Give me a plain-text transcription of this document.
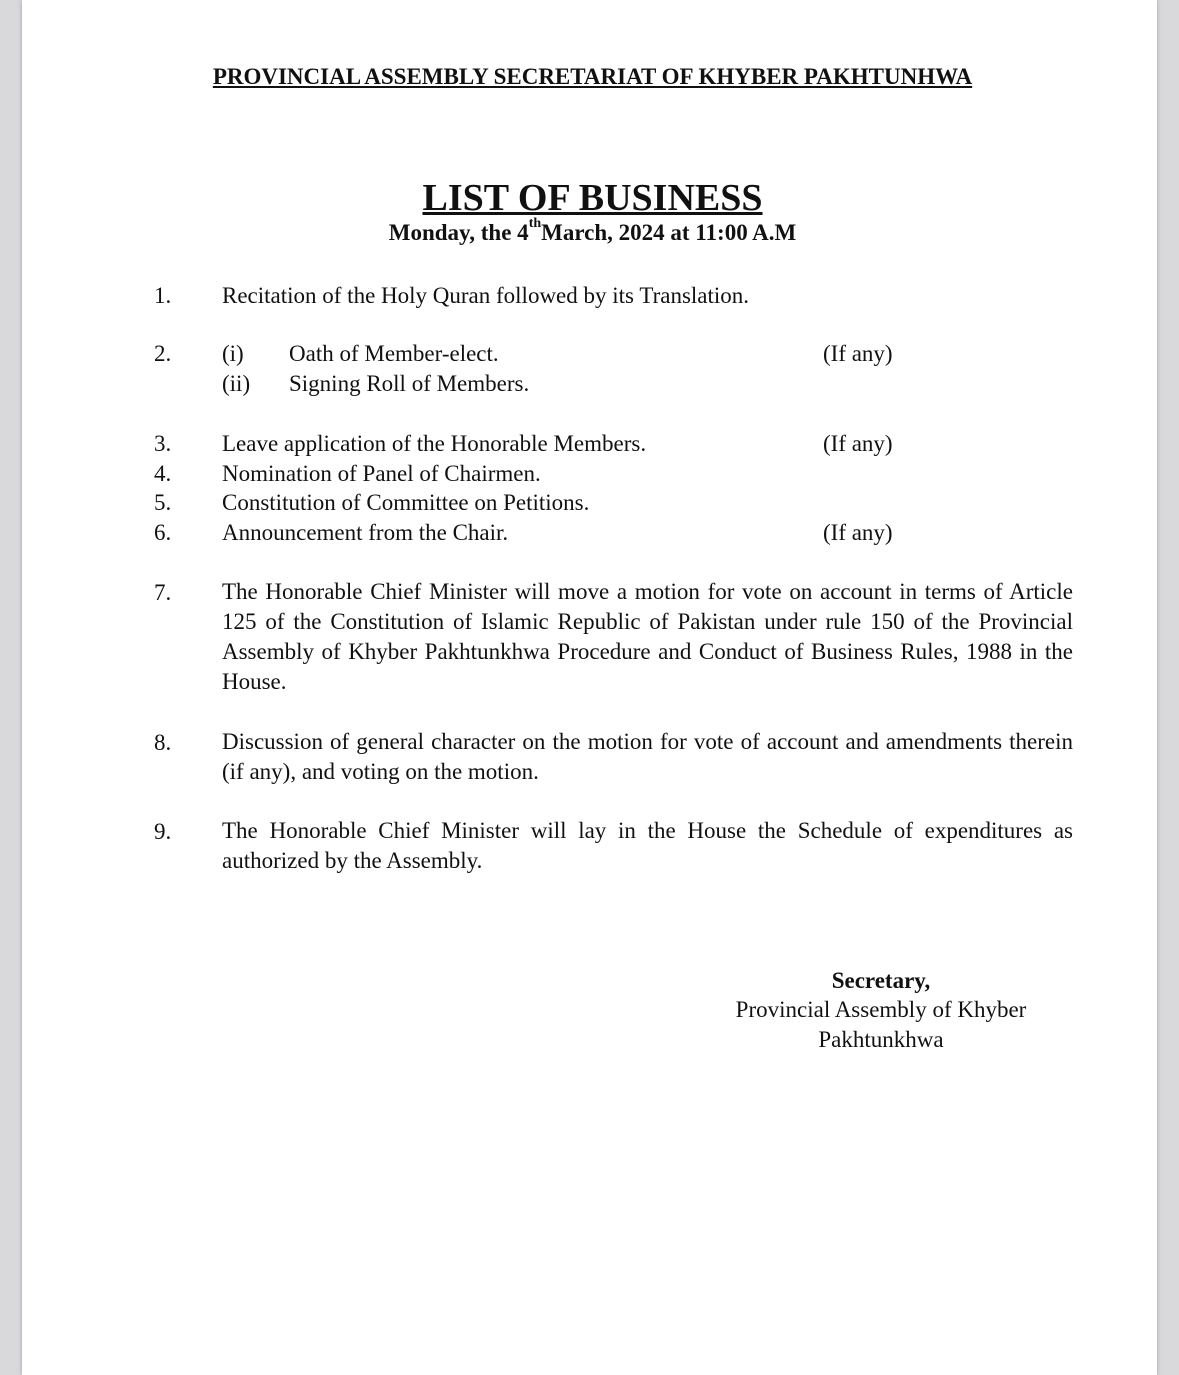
PROVINCIAL ASSEMBLY SECRETARIAT OF KHYBER PAKHTUNHWA
LIST OF BUSINESS
Monday, the 4thMarch, 2024 at 11:00 A.M
1. Recitation of the Holy Quran followed by its Translation.
2. (i) Oath of Member-elect.	(If any)
(ii) Signing Roll of Members.
3. Leave application of the Honorable Members.	(If any)
4. Nomination of Panel of Chairmen.
5. Constitution of Committee on Petitions.
6. Announcement from the Chair.	(If any)
7. The Honorable Chief Minister will move a motion for vote on account in terms of Article 125 of the Constitution of Islamic Republic of Pakistan under rule 150 of the Provincial Assembly of Khyber Pakhtunkhwa Procedure and Conduct of Business Rules, 1988 in the House.
8. Discussion of general character on the motion for vote of account and amendments therein (if any), and voting on the motion.
9. The Honorable Chief Minister will lay in the House the Schedule of expenditures as authorized by the Assembly.
Secretary,
Provincial Assembly of Khyber
Pakhtunkhwa
